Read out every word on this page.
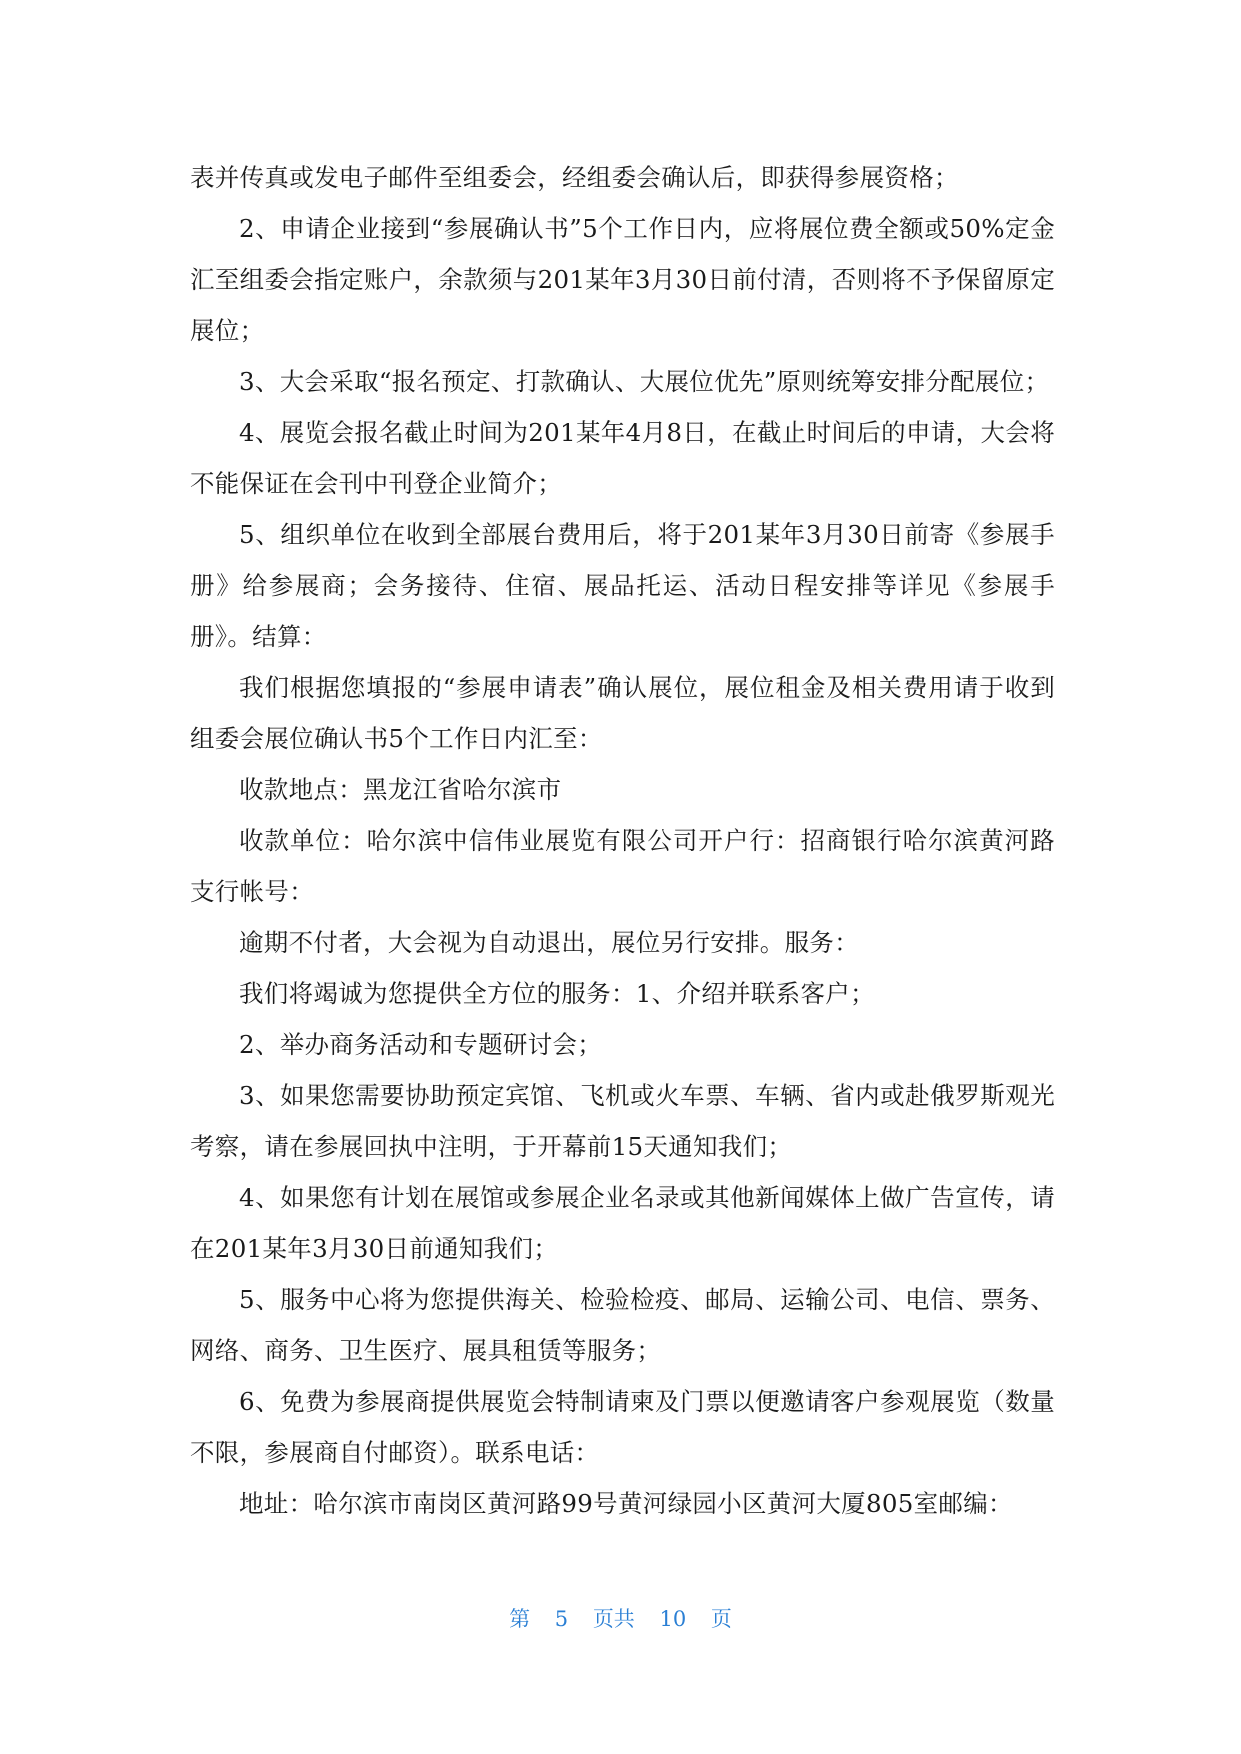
表并传真或发电子邮件至组委会，经组委会确认后，即获得参展资格；

2、申请企业接到“参展确认书”5个工作日内，应将展位费全额或50%定金汇至组委会指定账户，余款须与201某年3月30日前付清，否则将不予保留原定展位；

3、大会采取“报名预定、打款确认、大展位优先”原则统筹安排分配展位；

4、展览会报名截止时间为201某年4月8日，在截止时间后的申请，大会将不能保证在会刊中刊登企业简介；

5、组织单位在收到全部展台费用后，将于201某年3月30日前寄《参展手册》给参展商；会务接待、住宿、展品托运、活动日程安排等详见《参展手册》。结算：

我们根据您填报的“参展申请表”确认展位，展位租金及相关费用请于收到组委会展位确认书5个工作日内汇至：

收款地点：黑龙江省哈尔滨市

收款单位：哈尔滨中信伟业展览有限公司开户行：招商银行哈尔滨黄河路支行帐号：

逾期不付者，大会视为自动退出，展位另行安排。服务：

我们将竭诚为您提供全方位的服务：1、介绍并联系客户；

2、举办商务活动和专题研讨会；

3、如果您需要协助预定宾馆、飞机或火车票、车辆、省内或赴俄罗斯观光考察，请在参展回执中注明，于开幕前15天通知我们；

4、如果您有计划在展馆或参展企业名录或其他新闻媒体上做广告宣传，请在201某年3月30日前通知我们；

5、服务中心将为您提供海关、检验检疫、邮局、运输公司、电信、票务、网络、商务、卫生医疗、展具租赁等服务；

6、免费为参展商提供展览会特制请柬及门票以便邀请客户参观展览（数量不限，参展商自付邮资）。联系电话：

地址：哈尔滨市南岗区黄河路99号黄河绿园小区黄河大厦805室邮编：

第 5 页共 10 页
